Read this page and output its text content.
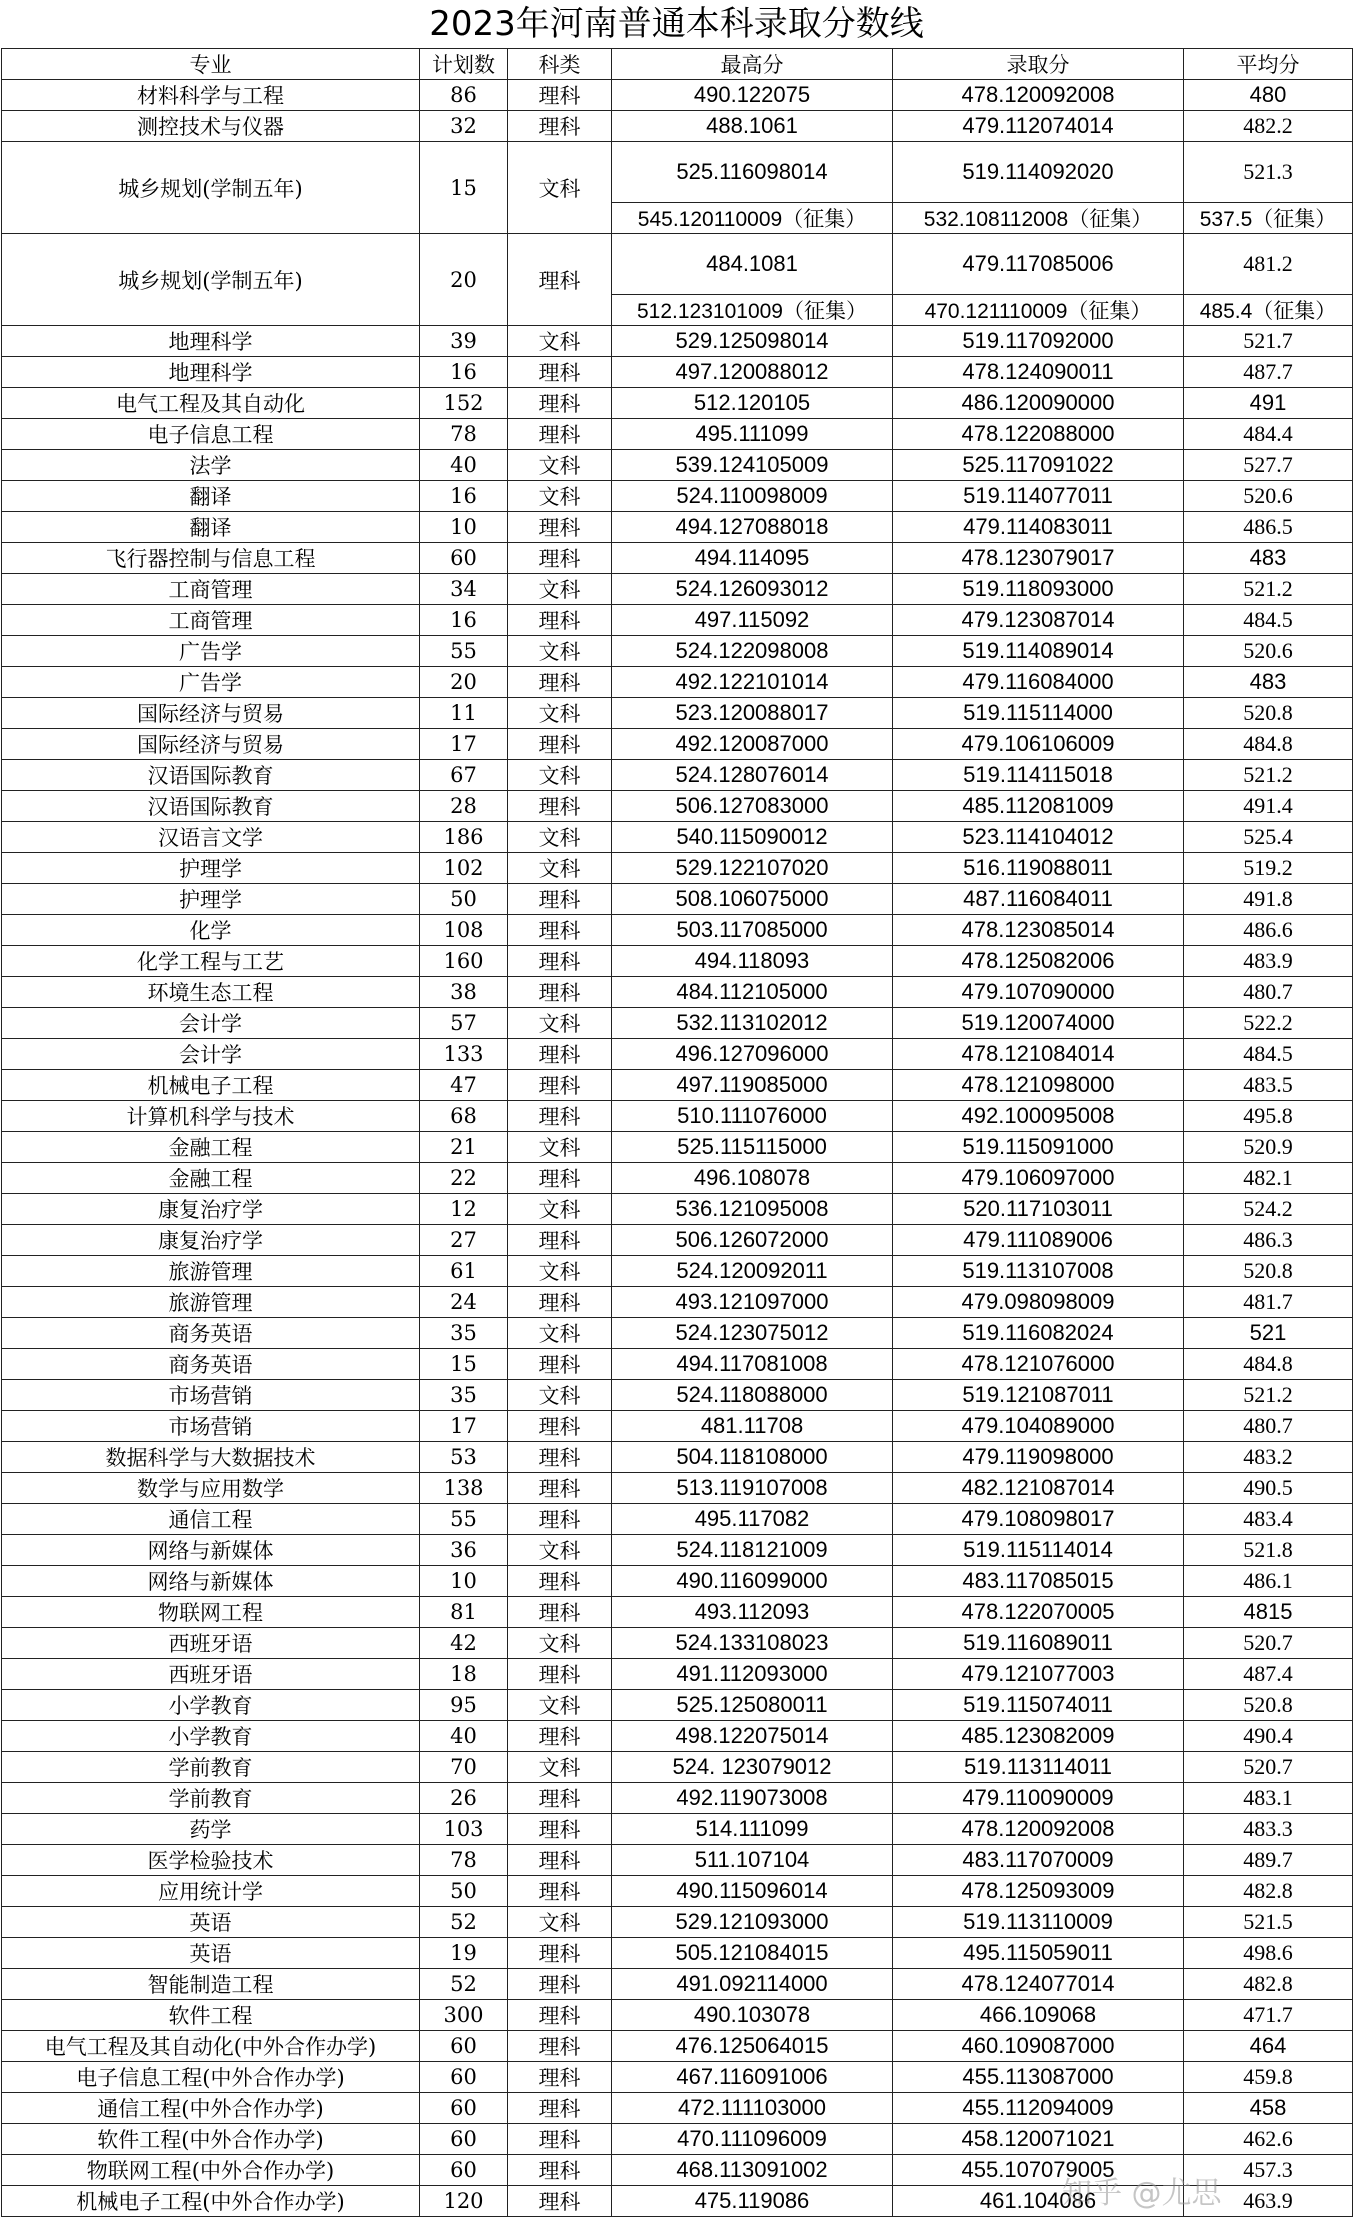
2023年河南普通本科录取分数线
专业	计划数	科类	最高分	录取分	平均分
材料科学与工程	86	理科	490.122075	478.120092008	480
测控技术与仪器	32	理科	488.1061	479.112074014	482.2
城乡规划(学制五年)	15	文科	525.116098014	519.114092020	521.3
			545.120110009（征集）	532.108112008（征集）	537.5（征集）
城乡规划(学制五年)	20	理科	484.1081	479.117085006	481.2
			512.123101009（征集）	470.121110009（征集）	485.4（征集）
地理科学	39	文科	529.125098014	519.117092000	521.7
地理科学	16	理科	497.120088012	478.124090011	487.7
电气工程及其自动化	152	理科	512.120105	486.120090000	491
电子信息工程	78	理科	495.111099	478.122088000	484.4
法学	40	文科	539.124105009	525.117091022	527.7
翻译	16	文科	524.110098009	519.114077011	520.6
翻译	10	理科	494.127088018	479.114083011	486.5
飞行器控制与信息工程	60	理科	494.114095	478.123079017	483
工商管理	34	文科	524.126093012	519.118093000	521.2
工商管理	16	理科	497.115092	479.123087014	484.5
广告学	55	文科	524.122098008	519.114089014	520.6
广告学	20	理科	492.122101014	479.116084000	483
国际经济与贸易	11	文科	523.120088017	519.115114000	520.8
国际经济与贸易	17	理科	492.120087000	479.106106009	484.8
汉语国际教育	67	文科	524.128076014	519.114115018	521.2
汉语国际教育	28	理科	506.127083000	485.112081009	491.4
汉语言文学	186	文科	540.115090012	523.114104012	525.4
护理学	102	文科	529.122107020	516.119088011	519.2
护理学	50	理科	508.106075000	487.116084011	491.8
化学	108	理科	503.117085000	478.123085014	486.6
化学工程与工艺	160	理科	494.118093	478.125082006	483.9
环境生态工程	38	理科	484.112105000	479.107090000	480.7
会计学	57	文科	532.113102012	519.120074000	522.2
会计学	133	理科	496.127096000	478.121084014	484.5
机械电子工程	47	理科	497.119085000	478.121098000	483.5
计算机科学与技术	68	理科	510.111076000	492.100095008	495.8
金融工程	21	文科	525.115115000	519.115091000	520.9
金融工程	22	理科	496.108078	479.106097000	482.1
康复治疗学	12	文科	536.121095008	520.117103011	524.2
康复治疗学	27	理科	506.126072000	479.111089006	486.3
旅游管理	61	文科	524.120092011	519.113107008	520.8
旅游管理	24	理科	493.121097000	479.098098009	481.7
商务英语	35	文科	524.123075012	519.116082024	521
商务英语	15	理科	494.117081008	478.121076000	484.8
市场营销	35	文科	524.118088000	519.121087011	521.2
市场营销	17	理科	481.11708	479.104089000	480.7
数据科学与大数据技术	53	理科	504.118108000	479.119098000	483.2
数学与应用数学	138	理科	513.119107008	482.121087014	490.5
通信工程	55	理科	495.117082	479.108098017	483.4
网络与新媒体	36	文科	524.118121009	519.115114014	521.8
网络与新媒体	10	理科	490.116099000	483.117085015	486.1
物联网工程	81	理科	493.112093	478.122070005	4815
西班牙语	42	文科	524.133108023	519.116089011	520.7
西班牙语	18	理科	491.112093000	479.121077003	487.4
小学教育	95	文科	525.125080011	519.115074011	520.8
小学教育	40	理科	498.122075014	485.123082009	490.4
学前教育	70	文科	524. 123079012	519.113114011	520.7
学前教育	26	理科	492.119073008	479.110090009	483.1
药学	103	理科	514.111099	478.120092008	483.3
医学检验技术	78	理科	511.107104	483.117070009	489.7
应用统计学	50	理科	490.115096014	478.125093009	482.8
英语	52	文科	529.121093000	519.113110009	521.5
英语	19	理科	505.121084015	495.115059011	498.6
智能制造工程	52	理科	491.092114000	478.124077014	482.8
软件工程	300	理科	490.103078	466.109068	471.7
电气工程及其自动化(中外合作办学)	60	理科	476.125064015	460.109087000	464
电子信息工程(中外合作办学)	60	理科	467.116091006	455.113087000	459.8
通信工程(中外合作办学)	60	理科	472.111103000	455.112094009	458
软件工程(中外合作办学)	60	理科	470.111096009	458.120071021	462.6
物联网工程(中外合作办学)	60	理科	468.113091002	455.107079005	457.3
机械电子工程(中外合作办学)	120	理科	475.119086	461.104086	463.9
知乎 @尤思
